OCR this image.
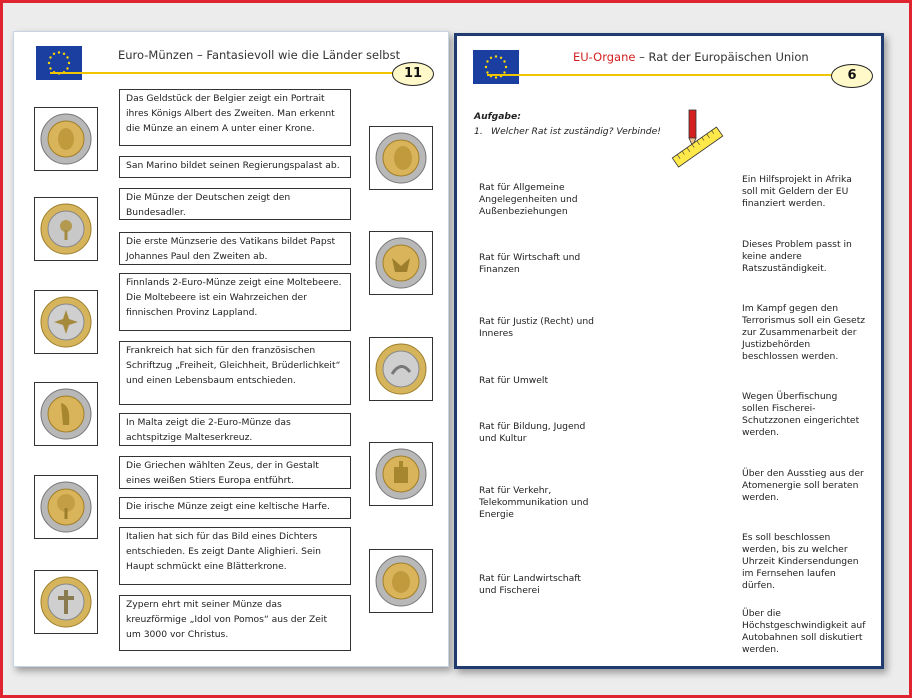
Euro-Münzen – Fantasievoll wie die Länder selbst
11
Das Geldstück der Belgier zeigt ein Portrait ihres Königs Albert des Zweiten. Man erkennt die Münze an einem A unter einer Krone.
San Marino bildet seinen Regierungspalast ab.
Die Münze der Deutschen zeigt den Bundesadler.
Die erste Münzserie des Vatikans bildet Papst Johannes Paul den Zweiten ab.
Finnlands 2-Euro-Münze zeigt eine Moltebeere. Die Moltebeere ist ein Wahrzeichen der finnischen Provinz Lappland.
Frankreich hat sich für den französischen Schriftzug „Freiheit, Gleichheit, Brüderlichkeit“ und einen Lebensbaum entschieden.
In Malta zeigt die 2-Euro-Münze das achtspitzige Malteserkreuz.
Die Griechen wählten Zeus, der in Gestalt eines weißen Stiers Europa entführt.
Die irische Münze zeigt eine keltische Harfe.
Italien hat sich für das Bild eines Dichters entschieden. Es zeigt Dante Alighieri. Sein Haupt schmückt eine Blätterkrone.
Zypern ehrt mit seiner Münze das kreuzförmige „Idol von Pomos“ aus der Zeit um 3000 vor Christus.
EU-Organe – Rat der Europäischen Union
6
Aufgabe:
1. Welcher Rat ist zuständig? Verbinde!
Rat für Allgemeine Angelegenheiten und Außenbeziehungen
Rat für Wirtschaft und Finanzen
Rat für Justiz (Recht) und Inneres
Rat für Umwelt
Rat für Bildung, Jugend und Kultur
Rat für Verkehr, Telekommunikation und Energie
Rat für Landwirtschaft und Fischerei
Ein Hilfsprojekt in Afrika soll mit Geldern der EU finanziert werden.
Dieses Problem passt in keine andere Ratszuständigkeit.
Im Kampf gegen den Terrorismus soll ein Gesetz zur Zusammenarbeit der Justizbehörden beschlossen werden.
Wegen Überfischung sollen Fischerei-Schutzzonen eingerichtet werden.
Über den Ausstieg aus der Atomenergie soll beraten werden.
Es soll beschlossen werden, bis zu welcher Uhrzeit Kindersendungen im Fernsehen laufen dürfen.
Über die Höchstgeschwindigkeit auf Autobahnen soll diskutiert werden.
